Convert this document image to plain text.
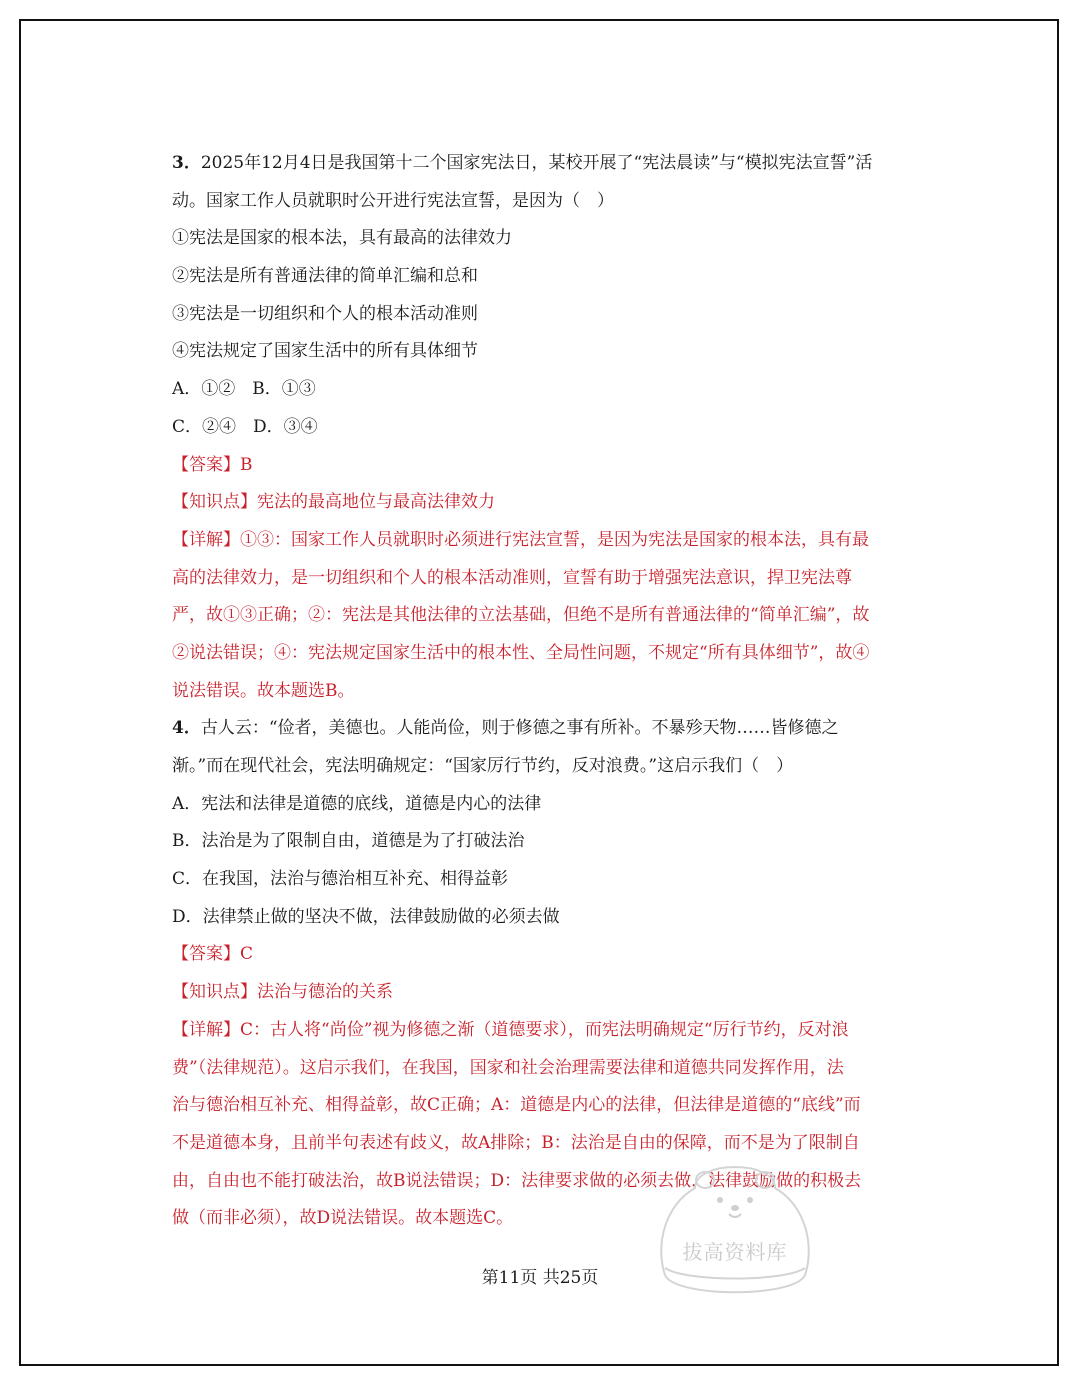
3．2025年12月4日是我国第十二个国家宪法日，某校开展了“宪法晨读”与“模拟宪法宣誓”活
动。国家工作人员就职时公开进行宪法宣誓，是因为（　）
①宪法是国家的根本法，具有最高的法律效力
②宪法是所有普通法律的简单汇编和总和
③宪法是一切组织和个人的根本活动准则
④宪法规定了国家生活中的所有具体细节
A．①②　B．①③
C．②④　D．③④
【答案】B
【知识点】宪法的最高地位与最高法律效力
【详解】①③：国家工作人员就职时必须进行宪法宣誓，是因为宪法是国家的根本法，具有最
高的法律效力，是一切组织和个人的根本活动准则，宣誓有助于增强宪法意识，捍卫宪法尊
严，故①③正确；②：宪法是其他法律的立法基础，但绝不是所有普通法律的“简单汇编”，故
②说法错误；④：宪法规定国家生活中的根本性、全局性问题，不规定“所有具体细节”，故④
说法错误。故本题选B。
4．古人云：“俭者，美德也。人能尚俭，则于修德之事有所补。不暴殄天物……皆修德之
渐。”而在现代社会，宪法明确规定：“国家厉行节约，反对浪费。”这启示我们（　）
A．宪法和法律是道德的底线，道德是内心的法律
B．法治是为了限制自由，道德是为了打破法治
C．在我国，法治与德治相互补充、相得益彰
D．法律禁止做的坚决不做，法律鼓励做的必须去做
【答案】C
【知识点】法治与德治的关系
【详解】C：古人将“尚俭”视为修德之渐（道德要求），而宪法明确规定“厉行节约，反对浪
费”（法律规范）。这启示我们，在我国，国家和社会治理需要法律和道德共同发挥作用，法
治与德治相互补充、相得益彰，故C正确；A：道德是内心的法律，但法律是道德的“底线”而
不是道德本身，且前半句表述有歧义，故A排除；B：法治是自由的保障，而不是为了限制自
由，自由也不能打破法治，故B说法错误；D：法律要求做的必须去做，法律鼓励做的积极去
做（而非必须），故D说法错误。故本题选C。
拔高资料库
第11页 共25页
